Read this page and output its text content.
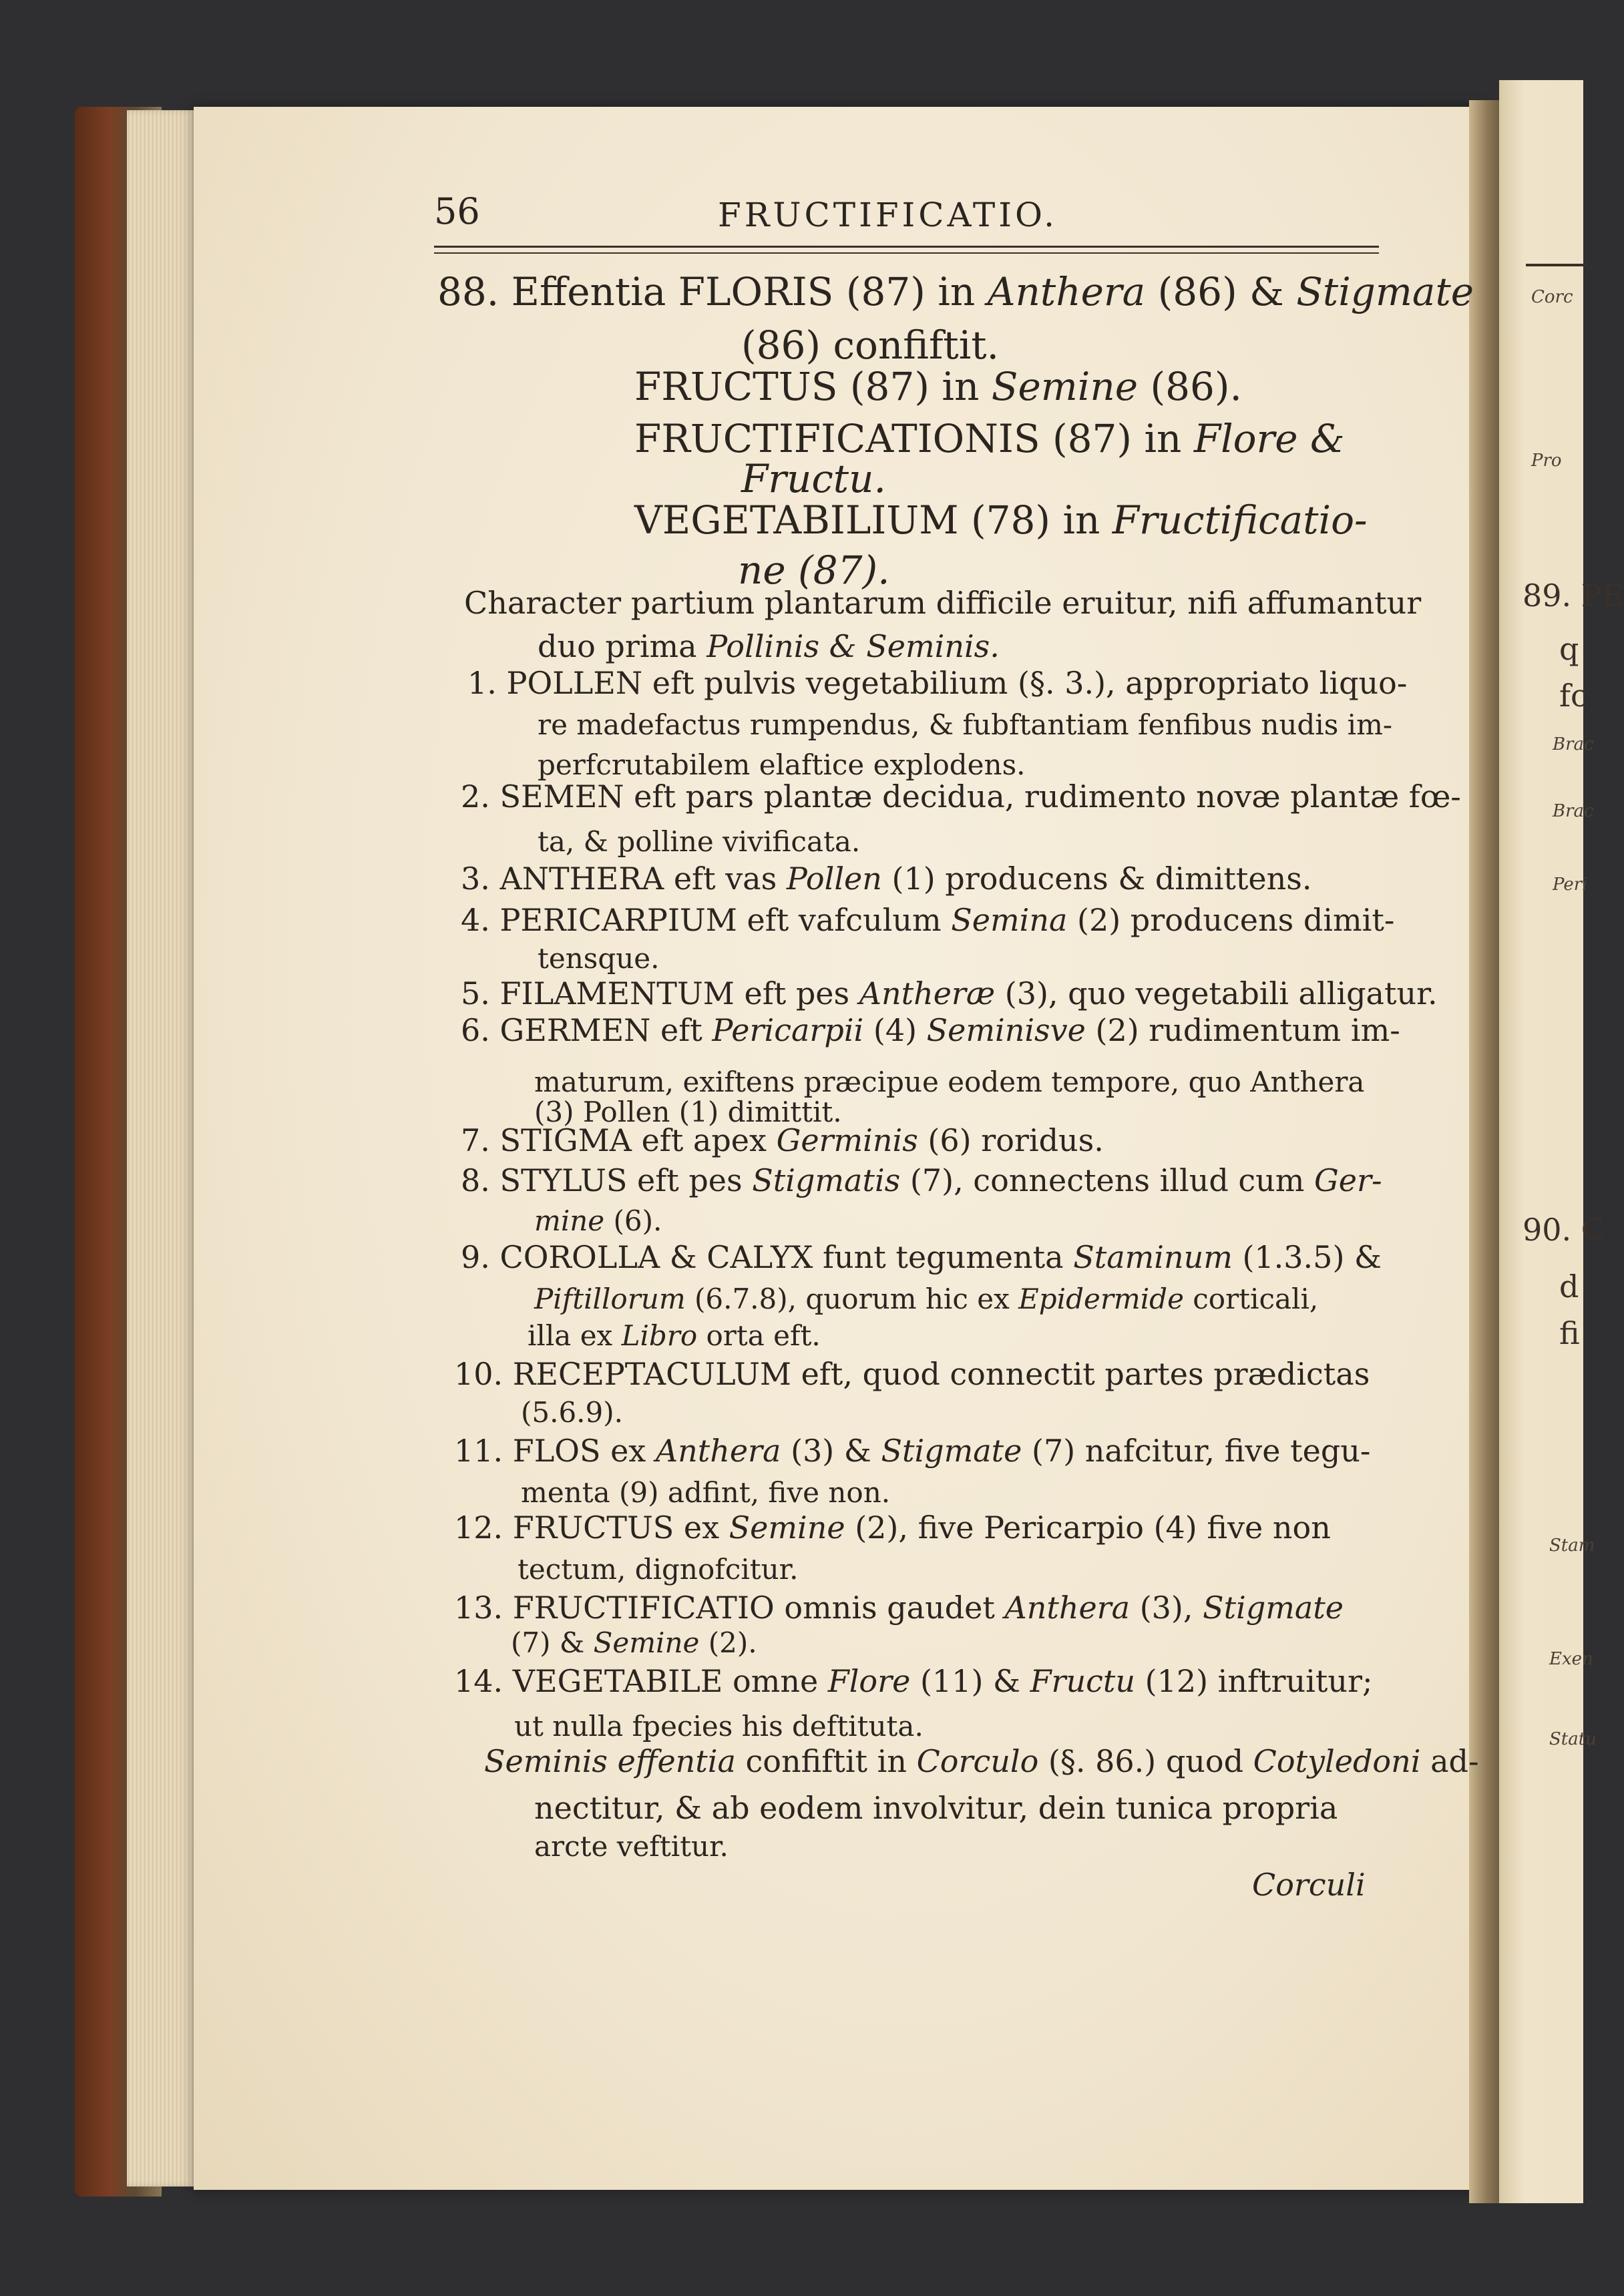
Corc
Pro
89. PE
q
fc
Brac
Brac
Peri
90. C
d
fi
Stam
Exen
Statu
56	FRUCTIFICATIO.
88. Effentia FLORIS (87) in Anthera (86) & Stigmate
(86) confiftit.
FRUCTUS (87) in Semine (86).
FRUCTIFICATIONIS (87) in Flore &
Fructu.
VEGETABILIUM (78) in Fructificatio-
ne (87).
Character partium plantarum difficile eruitur, nifi affumantur
duo prima Pollinis & Seminis.
1. POLLEN eft pulvis vegetabilium (§. 3.), appropriato liquo-
re madefactus rumpendus, & fubftantiam fenfibus nudis im-
perfcrutabilem elaftice explodens.
2. SEMEN eft pars plantæ decidua, rudimento novæ plantæ fœ-
ta, & polline vivificata.
3. ANTHERA eft vas Pollen (1) producens & dimittens.
4. PERICARPIUM eft vafculum Semina (2) producens dimit-
tensque.
5. FILAMENTUM eft pes Antheræ (3), quo vegetabili alligatur.
6. GERMEN eft Pericarpii (4) Seminisve (2) rudimentum im-
maturum, exiftens præcipue eodem tempore, quo Anthera
(3) Pollen (1) dimittit.
7. STIGMA eft apex Germinis (6) roridus.
8. STYLUS eft pes Stigmatis (7), connectens illud cum Ger-
mine (6).
9. COROLLA & CALYX funt tegumenta Staminum (1.3.5) &
Piftillorum (6.7.8), quorum hic ex Epidermide corticali,
illa ex Libro orta eft.
10. RECEPTACULUM eft, quod connectit partes prædictas
(5.6.9).
11. FLOS ex Anthera (3) & Stigmate (7) nafcitur, five tegu-
menta (9) adfint, five non.
12. FRUCTUS ex Semine (2), five Pericarpio (4) five non
tectum, dignofcitur.
13. FRUCTIFICATIO omnis gaudet Anthera (3), Stigmate
(7) & Semine (2).
14. VEGETABILE omne Flore (11) & Fructu (12) inftruitur;
ut nulla fpecies his deftituta.
Seminis effentia confiftit in Corculo (§. 86.) quod Cotyledoni ad-
nectitur, & ab eodem involvitur, dein tunica propria
arcte veftitur.
Corculi
